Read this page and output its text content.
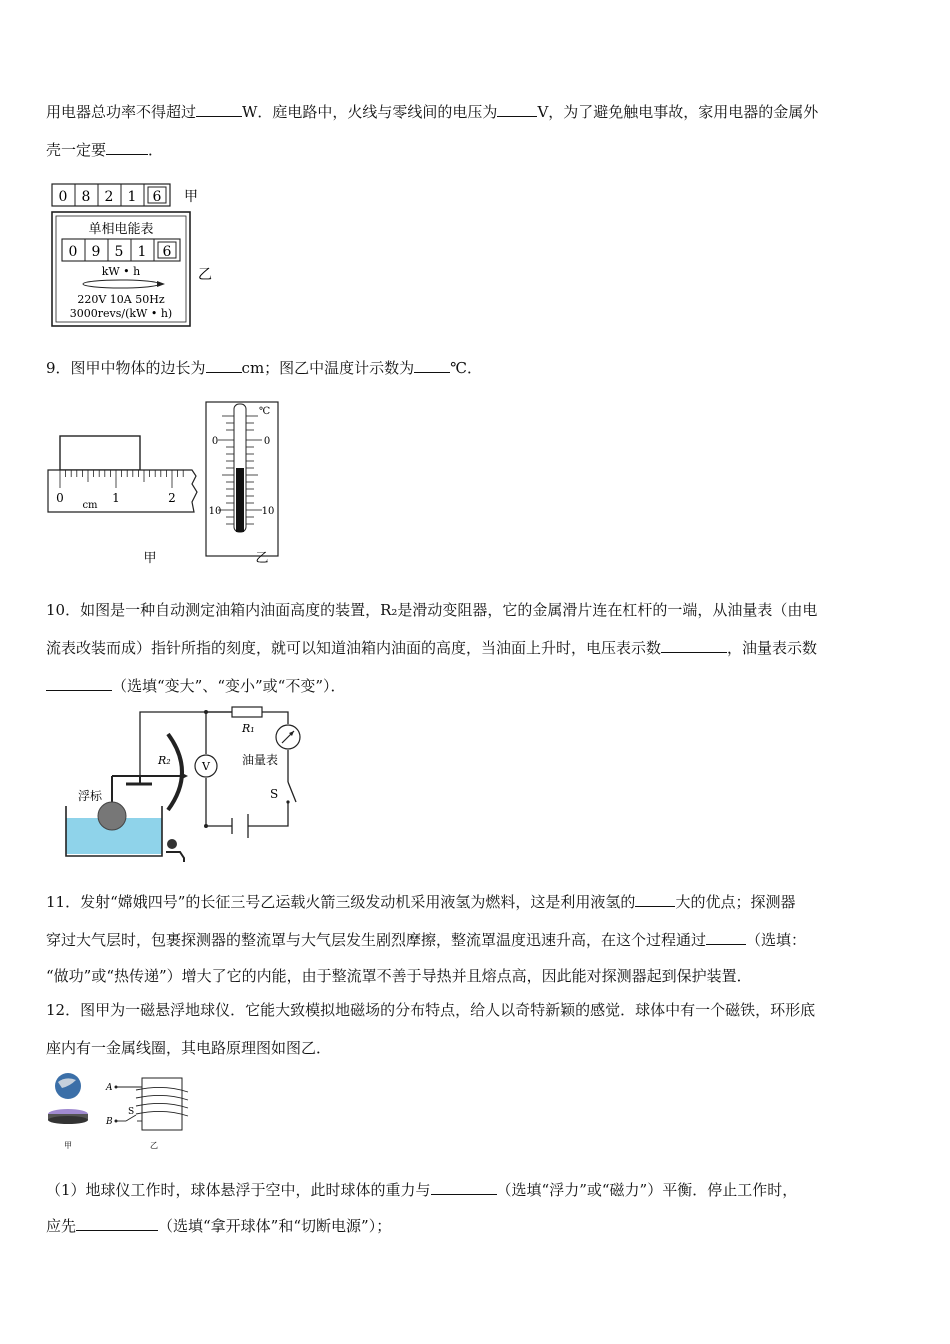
用电器总功率不得超过	W．庭电路中，火线与零线间的电压为	V，为了避免触电事故，家用电器的金属外
壳一定要	．
0 8 2 1 6 甲
单相电能表
0 9 5 1 6
kW • h
220V 10A 50Hz
3000revs/(kW • h)
乙
9．图甲中物体的边长为 cm；图乙中温度计示数为 ℃．
0	1	2
cm
℃
0
10
0
10
甲	乙
10．如图是一种自动测定油箱内油面高度的装置，R₂是滑动变阻器，它的金属滑片连在杠杆的一端，从油量表（由电
流表改装而成）指针所指的刻度，就可以知道油箱内油面的高度，当油面上升时，电压表示数	，油量表示数
（选填“变大”、“变小”或“不变”）．
R₁
油量表
S
V
R₂
浮标
11．发射“嫦娥四号”的长征三号乙运载火箭三级发动机采用液氢为燃料，这是利用液氢的	大的优点；探测器
穿过大气层时，包裹探测器的整流罩与大气层发生剧烈摩擦，整流罩温度迅速升高，在这个过程通过	（选填：
“做功”或“热传递”）增大了它的内能，由于整流罩不善于导热并且熔点高，因此能对探测器起到保护装置．
12．图甲为一磁悬浮地球仪．它能大致模拟地磁场的分布特点，给人以奇特新颖的感觉．球体中有一个磁铁，环形底
座内有一金属线圈，其电路原理图如图乙．
甲
A
B
S
乙
（1）地球仪工作时，球体悬浮于空中，此时球体的重力与	（选填“浮力”或“磁力”）平衡．停止工作时，
应先	（选填“拿开球体”和“切断电源”）；
